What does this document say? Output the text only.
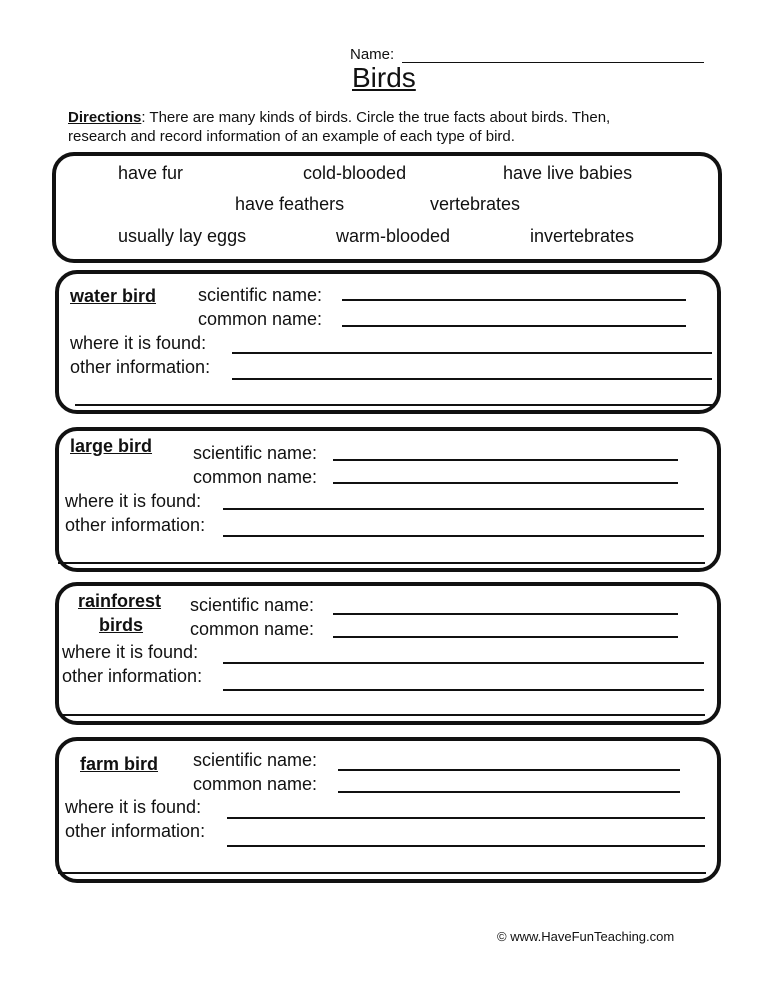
Name:
Birds
Directions: There are many kinds of birds. Circle the true facts about birds. Then,
research and record information of an example of each type of bird.
have fur	cold-blooded	have live babies
have feathers	vertebrates
usually lay eggs	warm-blooded	invertebrates
water bird scientific name:
common name:
where it is found:
other information:
large bird scientific name:
common name:
where it is found:
other information:
rainforest
birds
scientific name:
common name:
where it is found:
other information:
farm bird scientific name:
common name:
where it is found:
other information:
© www.HaveFunTeaching.com
